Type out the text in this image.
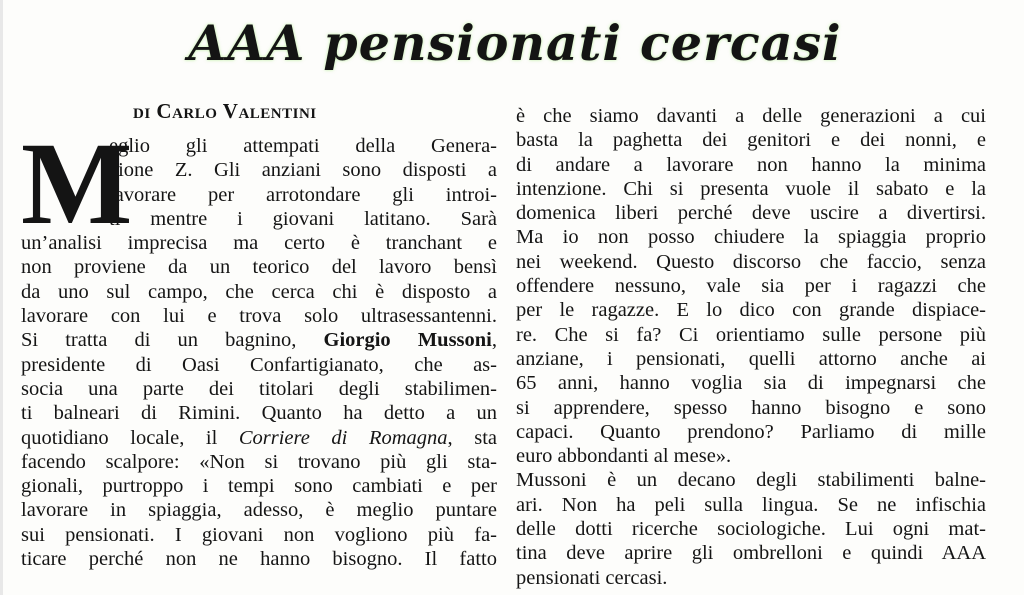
AAA pensionati cercasi
di Carlo Valentini
M
eglio gli attempati della Genera-
zione Z. Gli anziani sono disposti a
lavorare per arrotondare gli introi-
ti mentre i giovani latitano. Sarà
un’analisi imprecisa ma certo è tranchant e
non proviene da un teorico del lavoro bensì
da uno sul campo, che cerca chi è disposto a
lavorare con lui e trova solo ultrasessantenni.
Si tratta di un bagnino, Giorgio Mussoni,
presidente di Oasi Confartigianato, che as-
socia una parte dei titolari degli stabilimen-
ti balneari di Rimini. Quanto ha detto a un
quotidiano locale, il Corriere di Romagna, sta
facendo scalpore: «Non si trovano più gli sta-
gionali, purtroppo i tempi sono cambiati e per
lavorare in spiaggia, adesso, è meglio puntare
sui pensionati. I giovani non vogliono più fa-
ticare perché non ne hanno bisogno. Il fatto
è che siamo davanti a delle generazioni a cui
basta la paghetta dei genitori e dei nonni, e
di andare a lavorare non hanno la minima
intenzione. Chi si presenta vuole il sabato e la
domenica liberi perché deve uscire a divertirsi.
Ma io non posso chiudere la spiaggia proprio
nei weekend. Questo discorso che faccio, senza
offendere nessuno, vale sia per i ragazzi che
per le ragazze. E lo dico con grande dispiace-
re. Che si fa? Ci orientiamo sulle persone più
anziane, i pensionati, quelli attorno anche ai
65 anni, hanno voglia sia di impegnarsi che
si apprendere, spesso hanno bisogno e sono
capaci. Quanto prendono? Parliamo di mille
euro abbondanti al mese».
Mussoni è un decano degli stabilimenti balne-
ari. Non ha peli sulla lingua. Se ne infischia
delle dotti ricerche sociologiche. Lui ogni mat-
tina deve aprire gli ombrelloni e quindi AAA
pensionati cercasi.
